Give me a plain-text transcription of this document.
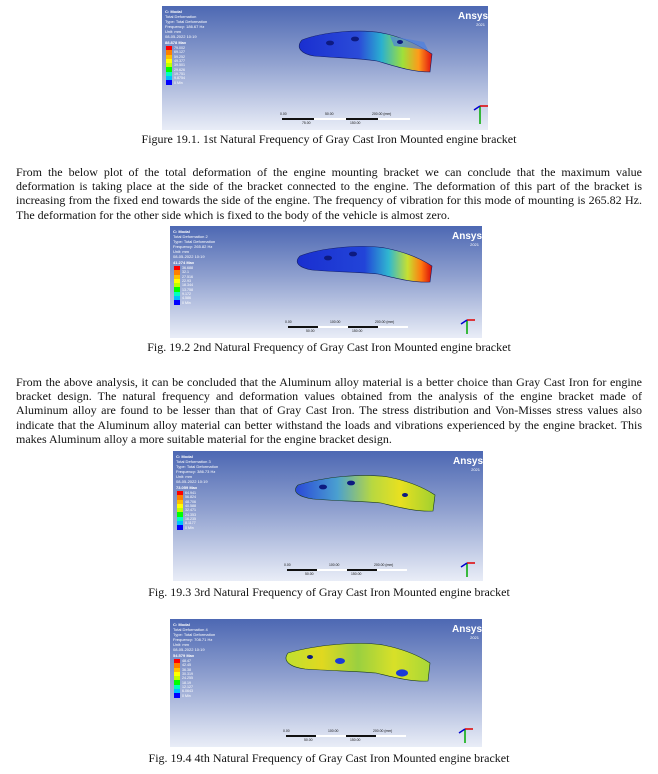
C: Modal
Total Deformation
Type: Total Deformation
Frequency: 186.67 Hz
Unit: mm
08-05-2022 10:19
88.878 Max
79.002
69.127
59.252
49.377
39.501
29.626
19.751
9.8754
0 Min
Ansys
2021
0.00	50.00	200.00 (mm)
75.00	150.00
Figure 19.1. 1st Natural Frequency of Gray Cast Iron Mounted engine bracket

From the below plot of the total deformation of the engine mounting bracket we can conclude that the maximum value deformation is taking place at the side of the bracket connected to the engine. The deformation of this part of the bracket is increasing from the fixed end towards the side of the engine. The frequency of vibration for this mode of mounting is 265.82 Hz. The deformation for the other side which is fixed to the body of the vehicle is almost zero.

C: Modal
Total Deformation 2
Type: Total Deformation
Frequency: 265.82 Hz
Unit: mm
08-05-2022 10:19
41.274 Max
36.688
32.1
27.516
22.93
18.344
13.758
9.172
4.586
0 Min
Ansys
2021
0.00	100.00	200.00 (mm)
50.00	150.00
Fig. 19.2 2nd Natural Frequency of Gray Cast Iron Mounted engine bracket

From the above analysis, it can be concluded that the Aluminum alloy material is a better choice than Gray Cast Iron for engine bracket design. The natural frequency and deformation values obtained from the analysis of the engine bracket made of Aluminum alloy are found to be lesser than that of Gray Cast Iron. The stress distribution and Von-Misses stress values also indicate that the Aluminum alloy material can better withstand the loads and vibrations experienced by the engine bracket. This makes Aluminum alloy a more suitable material for the engine bracket design.

C: Modal
Total Deformation 3
Type: Total Deformation
Frequency: 386.73 Hz
Unit: mm
08-05-2022 10:19
73.059 Max
64.941
56.824
48.706
40.588
32.471
24.353
16.235
8.1177
0 Min
Ansys
2021
0.00	100.00	200.00 (mm)
50.00	150.00
Fig. 19.3 3rd Natural Frequency of Gray Cast Iron Mounted engine bracket
C: Modal
Total Deformation 4
Type: Total Deformation
Frequency: 708.71 Hz
Unit: mm
08-05-2022 10:19
54.579 Max
48.47
42.45
36.38
30.319
24.255
18.19
12.127
6.0643
0 Min
Ansys
2021
0.00	100.00	200.00 (mm)
50.00	150.00
Fig. 19.4 4th Natural Frequency of Gray Cast Iron Mounted engine bracket
